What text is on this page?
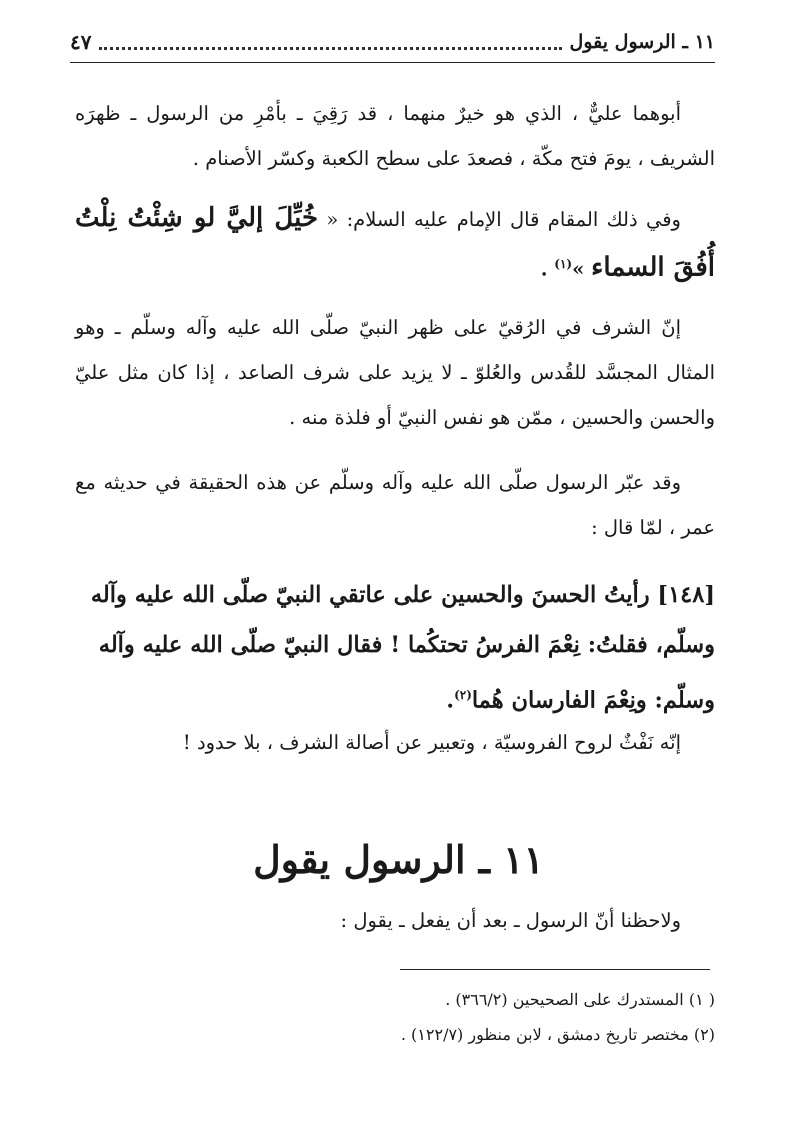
١١ ـ الرسول يقول
٤٧

أبوهما عليٌّ ، الذي هو خيرٌ منهما ، قد رَقِيَ ـ بأمْرِ من الرسول ـ ظهرَه الشريف ، يومَ فتح مكّة ، فصعدَ على سطح الكعبة وكسّر الأصنام .

وفي ذلك المقام قال الإمام عليه السلام: « خُيِّلَ إليَّ لو شِئْتُ نِلْتُ أُفُقَ السماء »$^{(١)}$ .

إنّ الشرف في الرُقيّ على ظهر النبيّ صلّى الله عليه وآله وسلّم ـ وهو المثال المجسَّد للقُدس والعُلوّ ـ لا يزيد على شرف الصاعد ، إذا كان مثل عليّ والحسن والحسين ، ممّن هو نفس النبيّ أو فلذة منه .

وقد عبّر الرسول صلّى الله عليه وآله وسلّم عن هذه الحقيقة في حديثه مع عمر ، لمّا قال :

[١٤٨] رأيتُ الحسنَ والحسين على عاتقي النبيّ صلّى الله عليه وآله وسلّم، فقلتُ: نِعْمَ الفرسُ تحتكُما ! فقال النبيّ صلّى الله عليه وآله وسلّم: ونِعْمَ الفارسان هُما$^{(٢)}$.

إنّه نَفْثٌ لروح الفروسيّة ، وتعبير عن أصالة الشرف ، بلا حدود !

١١ ـ الرسول يقول

ولاحظنا أنّ الرسول ـ بعد أن يفعل ـ يقول :

( ١) المستدرك على الصحيحين (٣٦٦/٢) .

(٢) مختصر تاريخ دمشق ، لابن منظور (١٢٢/٧) .
